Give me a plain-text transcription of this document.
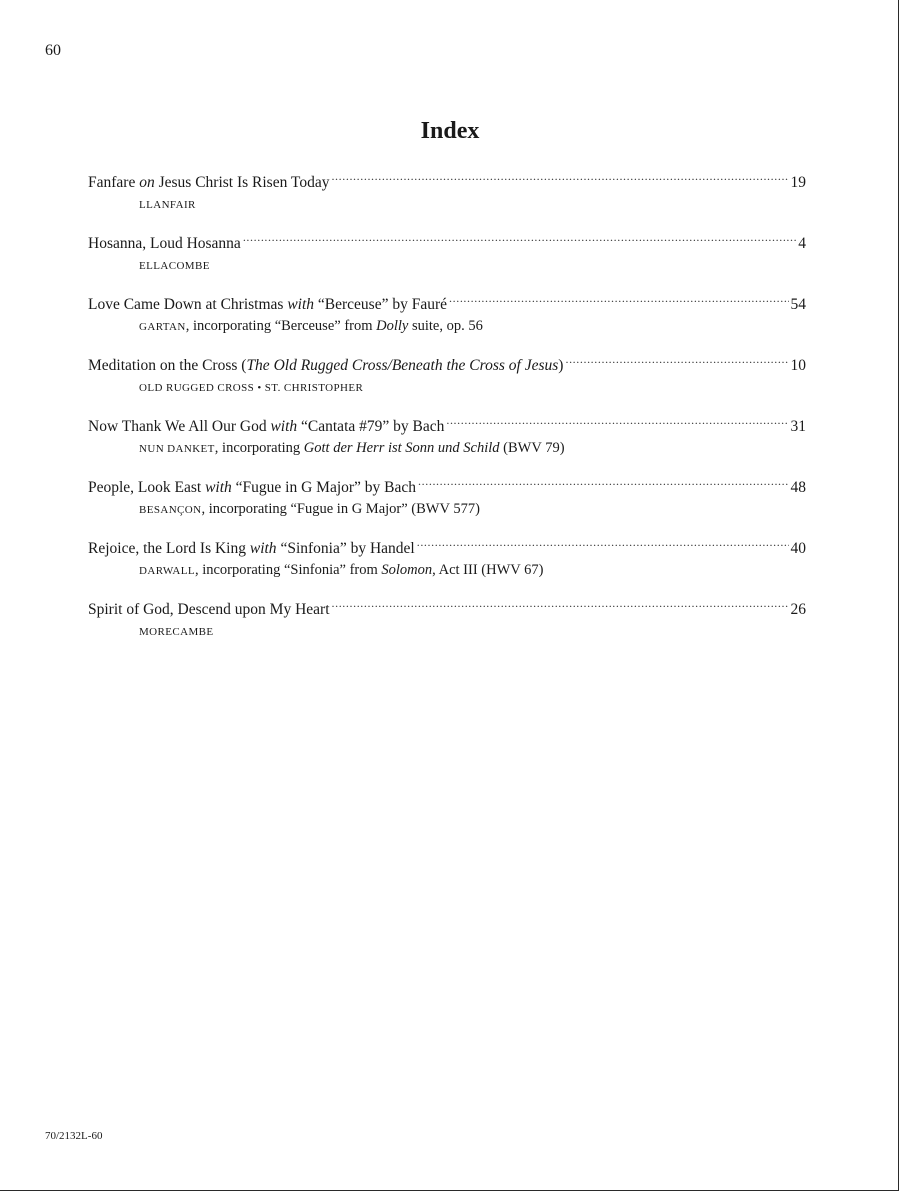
60
Index
Fanfare on Jesus Christ Is Risen Today .....	19
LLANFAIR
Hosanna, Loud Hosanna .....	4
ELLACOMBE
Love Came Down at Christmas with “Berceuse” by Fauré .....	54
GARTAN, incorporating “Berceuse” from Dolly suite, op. 56
Meditation on the Cross (The Old Rugged Cross/Beneath the Cross of Jesus) .....	10
OLD RUGGED CROSS • ST. CHRISTOPHER
Now Thank We All Our God with “Cantata #79” by Bach .....	31
NUN DANKET, incorporating Gott der Herr ist Sonn und Schild (BWV 79)
People, Look East with “Fugue in G Major” by Bach .....	48
BESANÇON, incorporating “Fugue in G Major” (BWV 577)
Rejoice, the Lord Is King with “Sinfonia” by Handel .....	40
DARWALL, incorporating “Sinfonia” from Solomon, Act III (HWV 67)
Spirit of God, Descend upon My Heart .....	26
MORECAMBE
70/2132L-60
